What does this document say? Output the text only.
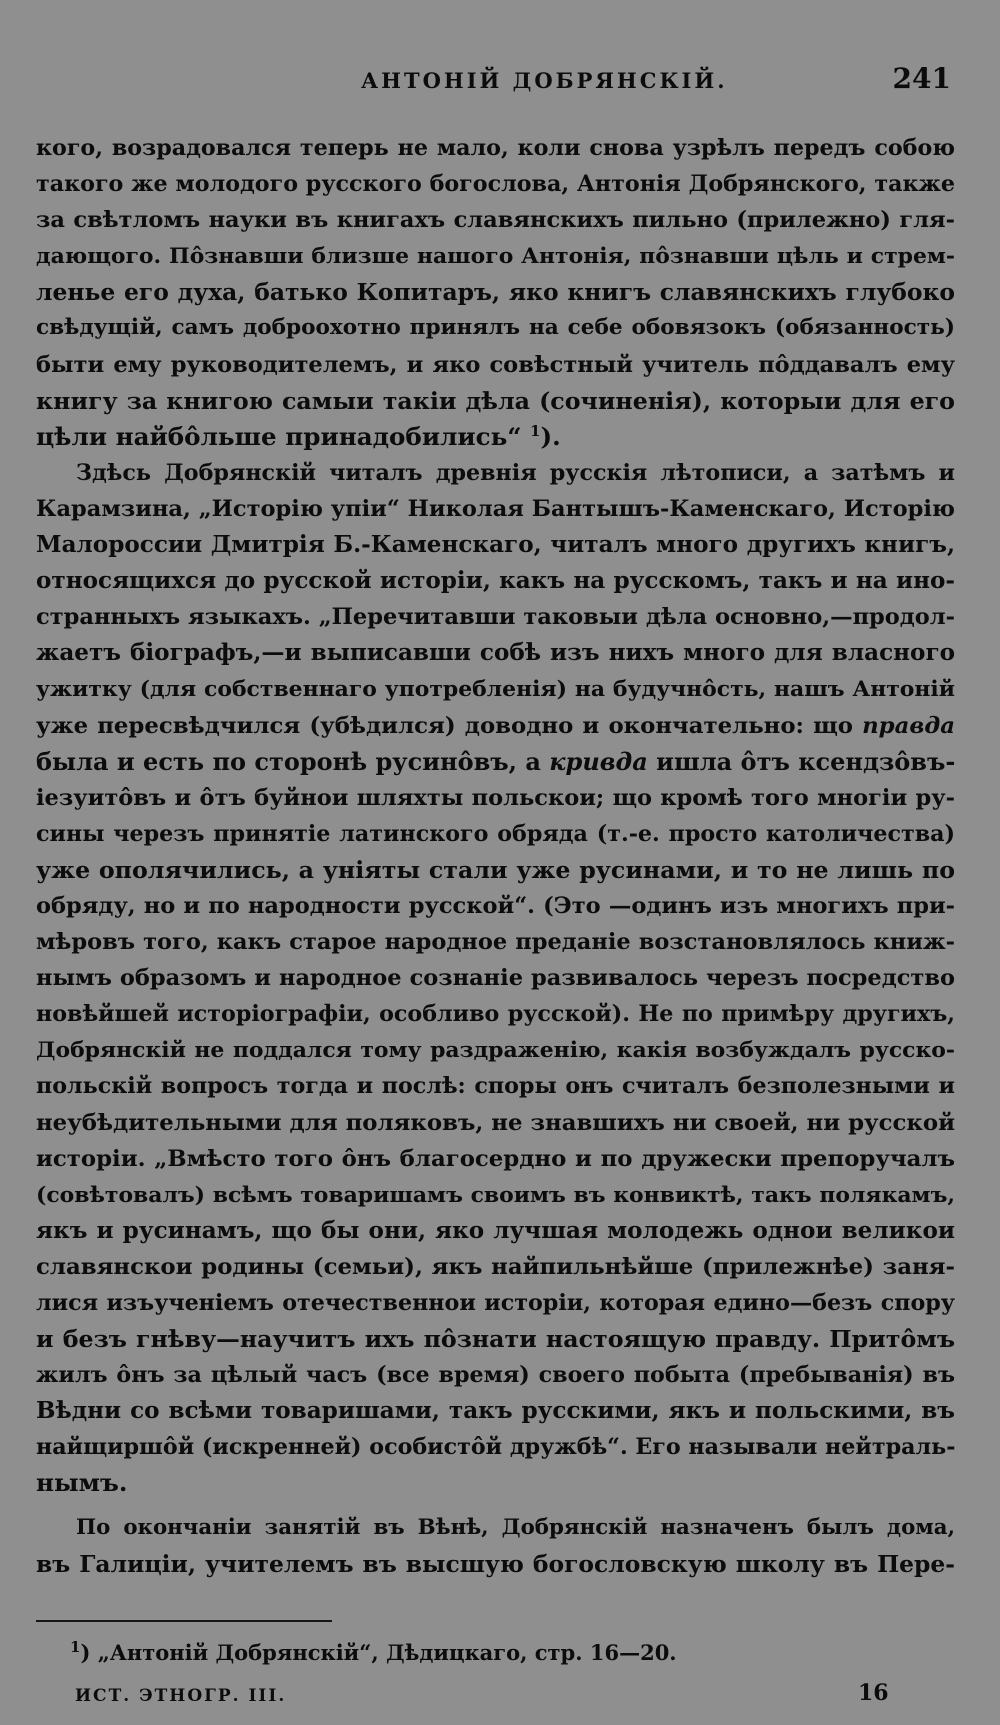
АНТОНІЙ ДОБРЯНСКІЙ.	241
кого, возрадовался теперь не мало, коли снова узрѣлъ передъ собою
такого же молодого русского богослова, Антонія Добрянского, также
за свѣтломъ науки въ книгахъ славянскихъ пильно (прилежно) гля-
дающого. Пôзнавши близше нашого Антонія, пôзнавши цѣль и стрем-
ленье его духа, батько Копитаръ, яко книгъ славянскихъ глубоко
свѣдущій, самъ доброохотно принялъ на себе обовязокъ (обязанность)
быти ему руководителемъ, и яко совѣстный учитель пôддавалъ ему
книгу за книгою самыи такіи дѣла (сочиненія), которыи для его
цѣли найбôльше принадобились“ $^1$).
Здѣсь Добрянскій читалъ древнія русскія лѣтописи, а затѣмъ и
Карамзина, „Исторію упіи“ Николая Бантышъ-Каменскаго, Исторію
Малороссии Дмитрія Б.-Каменскаго, читалъ много другихъ книгъ,
относящихся до русской исторіи, какъ на русскомъ, такъ и на ино-
странныхъ языкахъ. „Перечитавши таковыи дѣла основно,—продол-
жаетъ біографъ,—и выписавши собѣ изъ нихъ много для власного
ужитку (для собственнаго употребленія) на будучнôсть, нашъ Антоній
уже пересвѣдчился (убѣдился) доводно и окончательно: що правда
была и есть по сторонѣ русинôвъ, а кривда ишла ôтъ ксендзôвъ-
іезуитôвъ и ôтъ буйнои шляхты польскои; що кромѣ того многіи ру-
сины черезъ принятіе латинского обряда (т.-е. просто католичества)
уже ополячились, а уніяты стали уже русинами, и то не лишь по
обряду, но и по народности русской“. (Это —одинъ изъ многихъ при-
мѣровъ того, какъ старое народное преданіе возстановлялось книж-
нымъ образомъ и народное сознаніе развивалось черезъ посредство
новѣйшей исторіографіи, особливо русской). Не по примѣру другихъ,
Добрянскій не поддался тому раздраженію, какія возбуждалъ русско-
польскій вопросъ тогда и послѣ: споры онъ считалъ безполезными и
неубѣдительными для поляковъ, не знавшихъ ни своей, ни русской
исторіи. „Вмѣсто того ôнъ благосердно и по дружески препоручалъ
(совѣтовалъ) всѣмъ товаришамъ своимъ въ конвиктѣ, такъ полякамъ,
якъ и русинамъ, що бы они, яко лучшая молодежь однои великои
славянскои родины (семьи), якъ найпильнѣйше (прилежнѣе) заня-
лися изъученіемъ отечественнои исторіи, которая едино—безъ спору
и безъ гнѣву—научитъ ихъ пôзнати настоящую правду. Притôмъ
жилъ ôнъ за цѣлый часъ (все время) своего побыта (пребыванія) въ
Вѣдни со всѣми товаришами, такъ русскими, якъ и польскими, въ
найщиршôй (искренней) особистôй дружбѣ“. Его называли нейтраль-
нымъ.
По окончаніи занятій въ Вѣнѣ, Добрянскій назначенъ былъ дома,
въ Галиціи, учителемъ въ высшую богословскую школу въ Пере-
$^1$) „Антоній Добрянскій“, Дѣдицкаго, стр. 16—20.
ИСТ. ЭТНОГР. III.	16
